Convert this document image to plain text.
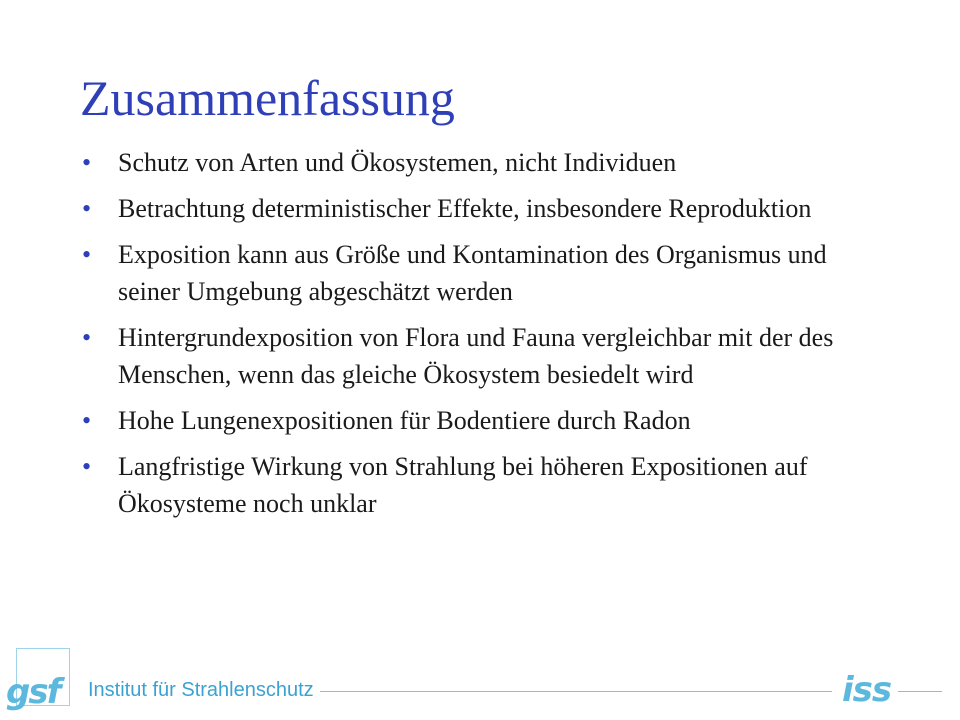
Zusammenfassung
•	Schutz von Arten und Ökosystemen, nicht Individuen
•	Betrachtung deterministischer Effekte, insbesondere Reproduktion
•	Exposition kann aus Größe und Kontamination des Organismus und seiner Umgebung abgeschätzt werden
•	Hintergrundexposition von Flora und Fauna vergleichbar mit der des Menschen, wenn das gleiche Ökosystem besiedelt wird
•	Hohe Lungenexpositionen für Bodentiere durch Radon
•	Langfristige Wirkung von Strahlung bei höheren Expositionen auf Ökosysteme noch unklar
gsf Institut für Strahlenschutz	iss
